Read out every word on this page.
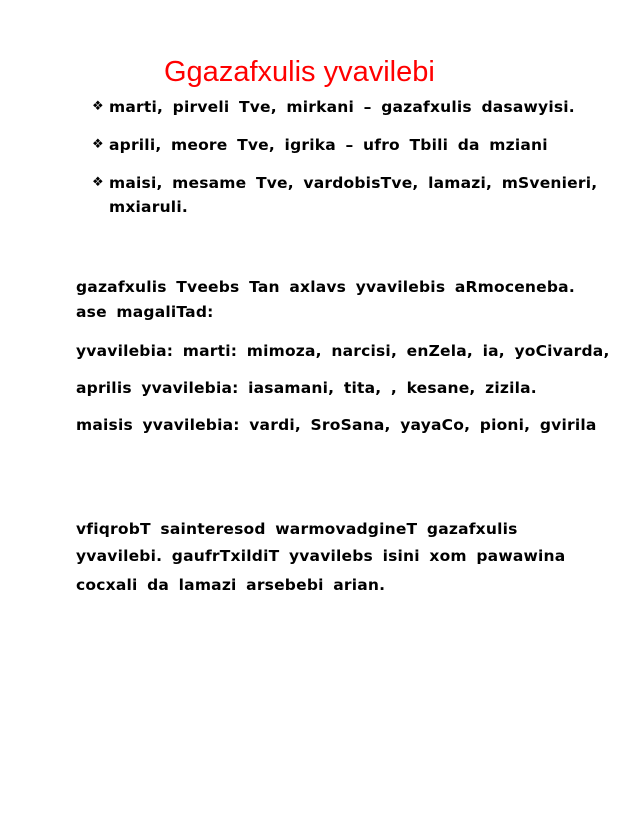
Ggazafxulis yvavilebi
❖ marti, pirveli Tve, mirkani – gazafxulis dasawyisi.
❖ aprili, meore Tve, igrika – ufro Tbili da mziani
❖ maisi, mesame Tve, vardobisTve, lamazi, mSvenieri, mxiaruli.

gazafxulis Tveebs Tan axlavs yvavilebis aRmoceneba.

ase magaliTad:

yvavilebia: marti: mimoza, narcisi, enZela, ia, yoCivarda,

aprilis yvavilebia: iasamani, tita, , kesane, zizila.

maisis yvavilebia: vardi, SroSana, yayaCo, pioni, gvirila

vfiqrobT sainteresod warmovadgineT gazafxulis

yvavilebi. gaufrTxildiT yvavilebs isini xom pawawina

cocxali da lamazi arsebebi arian.
